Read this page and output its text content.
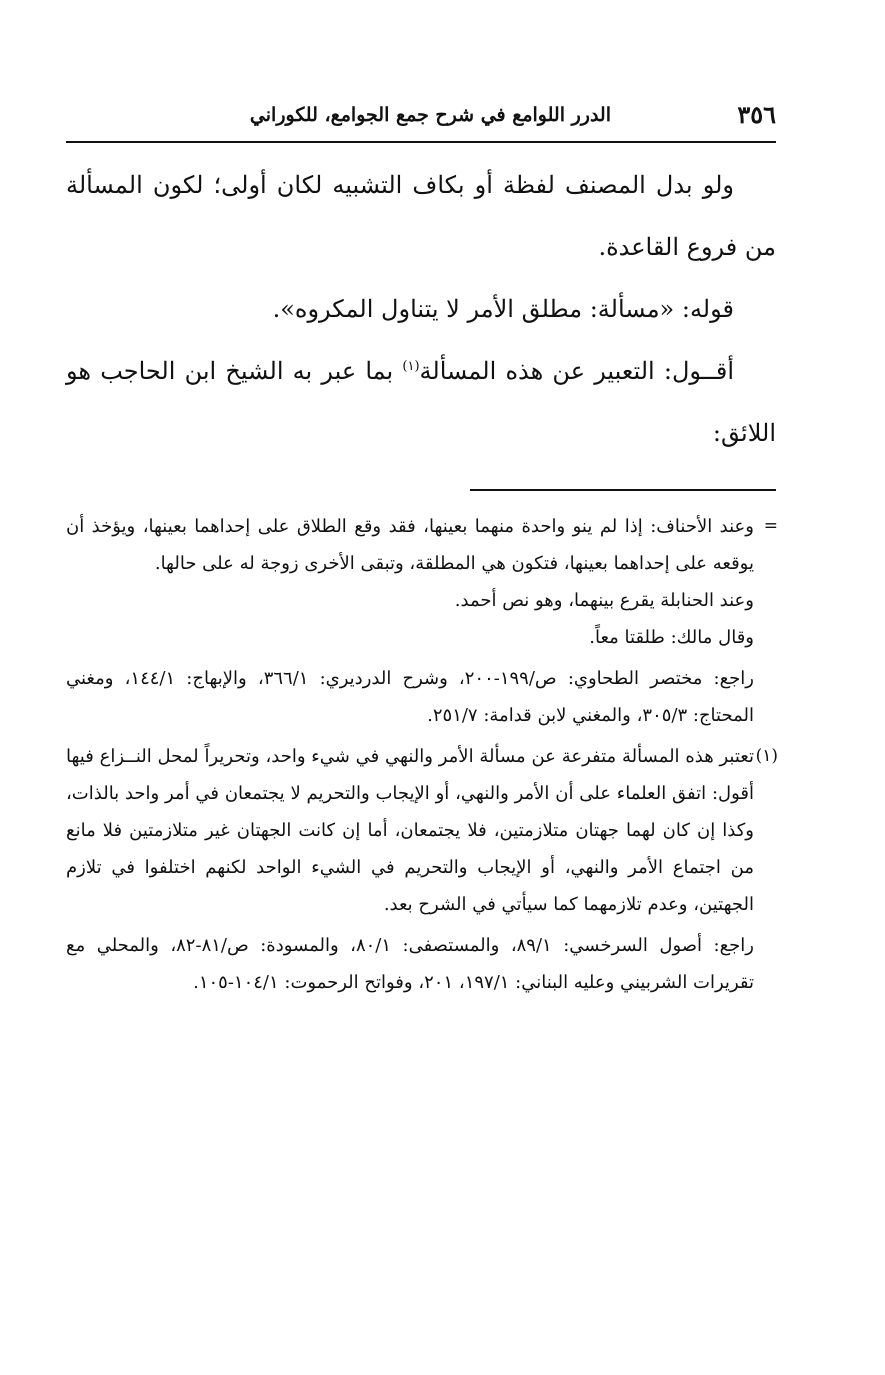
٣٥٦
الدرر اللوامع في شرح جمع الجوامع، للكوراني

ولو بدل المصنف لفظة أو بكاف التشبيه لكان أولى؛ لكون المسألة من فروع القاعدة.

قوله: «مسألة: مطلق الأمر لا يتناول المكروه».

أقــول: التعبير عن هذه المسألة$^{(١)}$ بما عبر به الشيخ ابن الحاجب هو اللائق:

=

وعند الأحناف: إذا لم ينو واحدة منهما بعينها، فقد وقع الطلاق على إحداهما بعينها، ويؤخذ أن يوقعه على إحداهما بعينها، فتكون هي المطلقة، وتبقى الأخرى زوجة له على حالها.

وعند الحنابلة يقرع بينهما، وهو نص أحمد.

وقال مالك: طلقتا معاً.

راجع: مختصر الطحاوي: ص/١٩٩-٢٠٠، وشرح الدرديري: ٣٦٦/١، والإبهاج: ١٤٤/١، ومغني المحتاج: ٣٠٥/٣، والمغني لابن قدامة: ٢٥١/٧.

(١)

تعتبر هذه المسألة متفرعة عن مسألة الأمر والنهي في شيء واحد، وتحريراً لمحل النــزاع فيها أقول: اتفق العلماء على أن الأمر والنهي، أو الإيجاب والتحريم لا يجتمعان في أمر واحد بالذات، وكذا إن كان لهما جهتان متلازمتين، فلا يجتمعان، أما إن كانت الجهتان غير متلازمتين فلا مانع من اجتماع الأمر والنهي، أو الإيجاب والتحريم في الشيء الواحد لكنهم اختلفوا في تلازم الجهتين، وعدم تلازمهما كما سيأتي في الشرح بعد.

راجع: أصول السرخسي: ٨٩/١، والمستصفى: ٨٠/١، والمسودة: ص/٨١-٨٢، والمحلي مع تقريرات الشربيني وعليه البناني: ١٩٧/١، ٢٠١، وفواتح الرحموت: ١٠٤/١-١٠٥.
